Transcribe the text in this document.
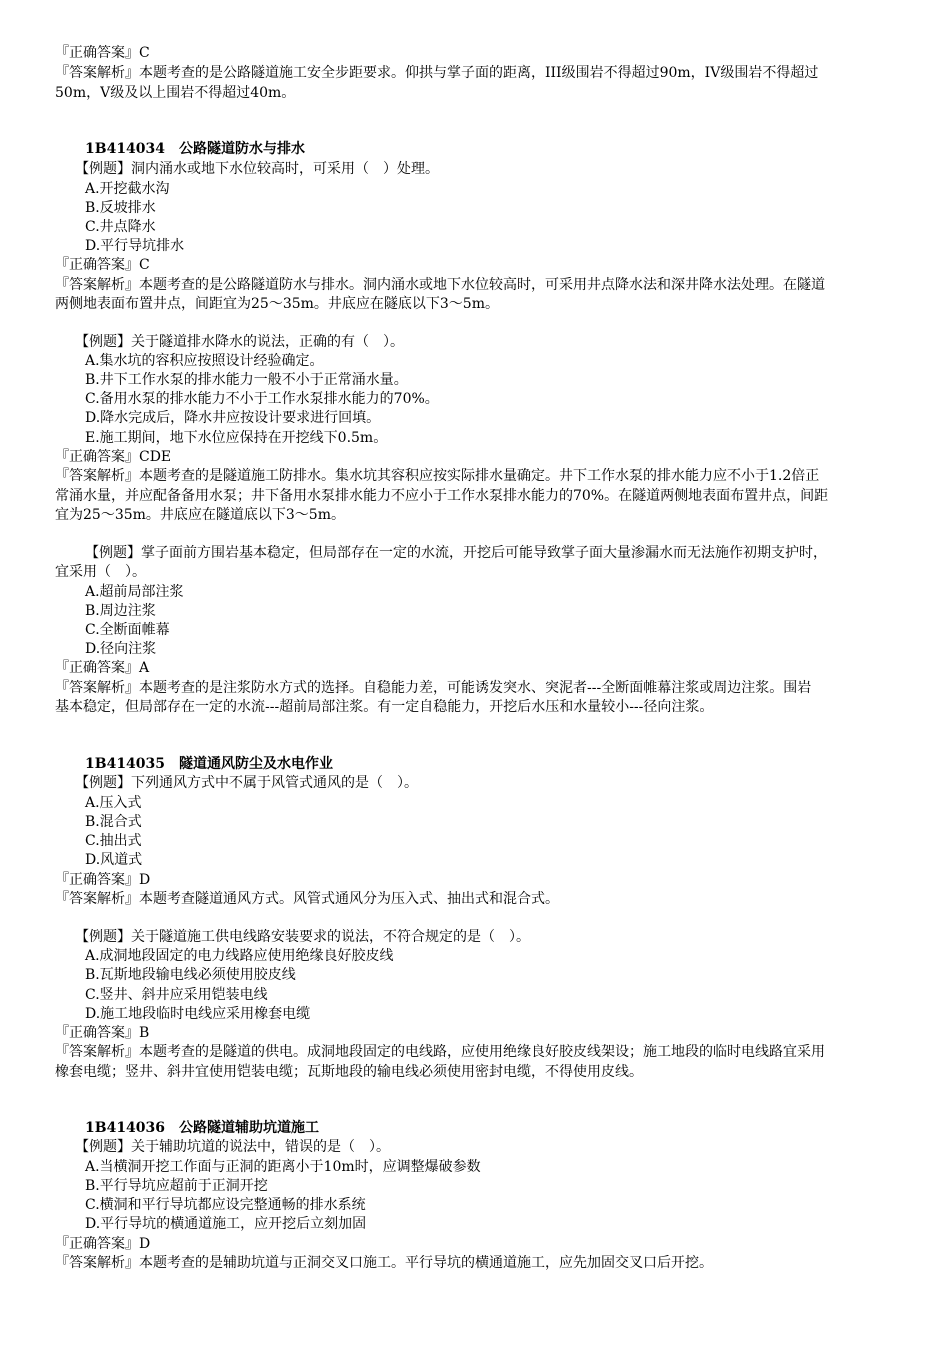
『正确答案』C
『答案解析』本题考查的是公路隧道施工安全步距要求。仰拱与掌子面的距离，III级围岩不得超过90m，IV级围岩不得超过
50m，V级及以上围岩不得超过40m。
1B414034 公路隧道防水与排水
【例题】洞内涌水或地下水位较高时，可采用（　）处理。
A.开挖截水沟
B.反坡排水
C.井点降水
D.平行导坑排水
『正确答案』C
『答案解析』本题考查的是公路隧道防水与排水。洞内涌水或地下水位较高时，可采用井点降水法和深井降水法处理。在隧道
两侧地表面布置井点，间距宜为25～35m。井底应在隧底以下3～5m。
【例题】关于隧道排水降水的说法，正确的有（　）。
A.集水坑的容积应按照设计经验确定。
B.井下工作水泵的排水能力一般不小于正常涌水量。
C.备用水泵的排水能力不小于工作水泵排水能力的70%。
D.降水完成后，降水井应按设计要求进行回填。
E.施工期间，地下水位应保持在开挖线下0.5m。
『正确答案』CDE
『答案解析』本题考查的是隧道施工防排水。集水坑其容积应按实际排水量确定。井下工作水泵的排水能力应不小于1.2倍正
常涌水量，并应配备备用水泵；井下备用水泵排水能力不应小于工作水泵排水能力的70%。在隧道两侧地表面布置井点，间距
宜为25～35m。井底应在隧道底以下3～5m。
【例题】掌子面前方围岩基本稳定，但局部存在一定的水流，开挖后可能导致掌子面大量渗漏水而无法施作初期支护时，
宜采用（　）。
A.超前局部注浆
B.周边注浆
C.全断面帷幕
D.径向注浆
『正确答案』A
『答案解析』本题考查的是注浆防水方式的选择。自稳能力差，可能诱发突水、突泥者---全断面帷幕注浆或周边注浆。围岩
基本稳定，但局部存在一定的水流---超前局部注浆。有一定自稳能力，开挖后水压和水量较小---径向注浆。
1B414035 隧道通风防尘及水电作业
【例题】下列通风方式中不属于风管式通风的是（　）。
A.压入式
B.混合式
C.抽出式
D.风道式
『正确答案』D
『答案解析』本题考查隧道通风方式。风管式通风分为压入式、抽出式和混合式。
【例题】关于隧道施工供电线路安装要求的说法，不符合规定的是（　）。
A.成洞地段固定的电力线路应使用绝缘良好胶皮线
B.瓦斯地段输电线必须使用胶皮线
C.竖井、斜井应采用铠装电线
D.施工地段临时电线应采用橡套电缆
『正确答案』B
『答案解析』本题考查的是隧道的供电。成洞地段固定的电线路，应使用绝缘良好胶皮线架设；施工地段的临时电线路宜采用
橡套电缆；竖井、斜井宜使用铠装电缆；瓦斯地段的输电线必须使用密封电缆，不得使用皮线。
1B414036 公路隧道辅助坑道施工
【例题】关于辅助坑道的说法中，错误的是（　）。
A.当横洞开挖工作面与正洞的距离小于10m时，应调整爆破参数
B.平行导坑应超前于正洞开挖
C.横洞和平行导坑都应设完整通畅的排水系统
D.平行导坑的横通道施工，应开挖后立刻加固
『正确答案』D
『答案解析』本题考查的是辅助坑道与正洞交叉口施工。平行导坑的横通道施工，应先加固交叉口后开挖。
